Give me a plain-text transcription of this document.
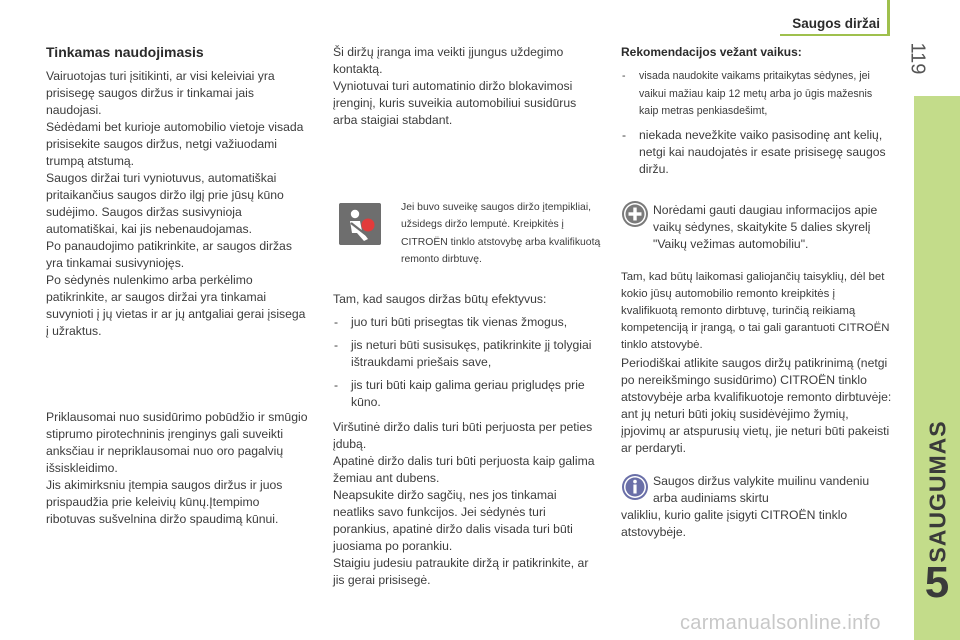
Saugos diržai
119
SAUGUMAS
5
Tinkamas naudojimasis

Vairuotojas turi įsitikinti, ar visi keleiviai yra prisisegę saugos diržus ir tinkamai jais naudojasi.
Sėdėdami bet kurioje automobilio vietoje visada prisisekite saugos diržus, netgi važiuodami trumpą atstumą.
Saugos diržai turi vyniotuvus, automatiškai pritaikančius saugos diržo ilgį prie jūsų kūno sudėjimo. Saugos diržas susivynioja automatiškai, kai jis nebenaudojamas.
Po panaudojimo patikrinkite, ar saugos diržas yra tinkamai susivyniojęs.
Po sėdynės nulenkimo arba perkėlimo patikrinkite, ar saugos diržai yra tinkamai suvynioti į jų vietas ir ar jų antgaliai gerai įsisega į užraktus.

Priklausomai nuo susidūrimo pobūdžio ir smūgio stiprumo pirotechninis įrenginys gali suveikti anksčiau ir nepriklausomai nuo oro pagalvių išsiskleidimo.
Jis akimirksniu įtempia saugos diržus ir juos prispaudžia prie keleivių kūnų.Įtempimo ribotuvas sušvelnina diržo spaudimą kūnui.

Ši diržų įranga ima veikti įjungus uždegimo kontaktą.
Vyniotuvai turi automatinio diržo blokavimosi įrenginį, kuris suveikia automobiliui susidūrus arba staigiai stabdant.

Jei buvo suveikę saugos diržo įtempikliai, užsidegs diržo lemputė. Kreipkitės į CITROËN tinklo atstovybę arba kvalifikuotą remonto dirbtuvę.

Tam, kad saugos diržas būtų efektyvus:

- juo turi būti prisegtas tik vienas žmogus,
- jis neturi būti susisukęs, patikrinkite jį tolygiai ištraukdami priešais save,
- jis turi būti kaip galima geriau prigludęs prie kūno.

Viršutinė diržo dalis turi būti perjuosta per peties įdubą.
Apatinė diržo dalis turi būti perjuosta kaip galima žemiau ant dubens.
Neapsukite diržo sagčių, nes jos tinkamai neatliks savo funkcijos. Jei sėdynės turi porankius, apatinė diržo dalis visada turi būti juosiama po porankiu.
Staigiu judesiu patraukite diržą ir patikrinkite, ar jis gerai prisisegė.

Rekomendacijos vežant vaikus:
- visada naudokite vaikams pritaikytas sėdynes, jei vaikui mažiau kaip 12 metų arba jo ūgis mažesnis kaip metras penkiasdešimt,
- niekada nevežkite vaiko pasisodinę ant kelių, netgi kai naudojatės ir esate prisisegę saugos diržu.

Norėdami gauti daugiau informacijos apie vaikų sėdynes, skaitykite 5 dalies skyrelį "Vaikų vežimas automobiliu".

Tam, kad būtų laikomasi galiojančių taisyklių, dėl bet kokio jūsų automobilio remonto kreipkitės į kvalifikuotą remonto dirbtuvę, turinčią reikiamą kompetenciją ir įrangą, o tai gali garantuoti CITROËN tinklo atstovybė.

Periodiškai atlikite saugos diržų patikrinimą (netgi po nereikšmingo susidūrimo) CITROËN tinklo atstovybėje arba kvalifikuotoje remonto dirbtuvėje: ant jų neturi būti jokių susidėvėjimo žymių, įpjovimų ar atspurusių vietų, jie neturi būti pakeisti ar perdaryti.

Saugos diržus valykite muilinu vandeniu arba audiniams skirtu

valikliu, kurio galite įsigyti CITROËN tinklo atstovybėje.

carmanualsonline.info
